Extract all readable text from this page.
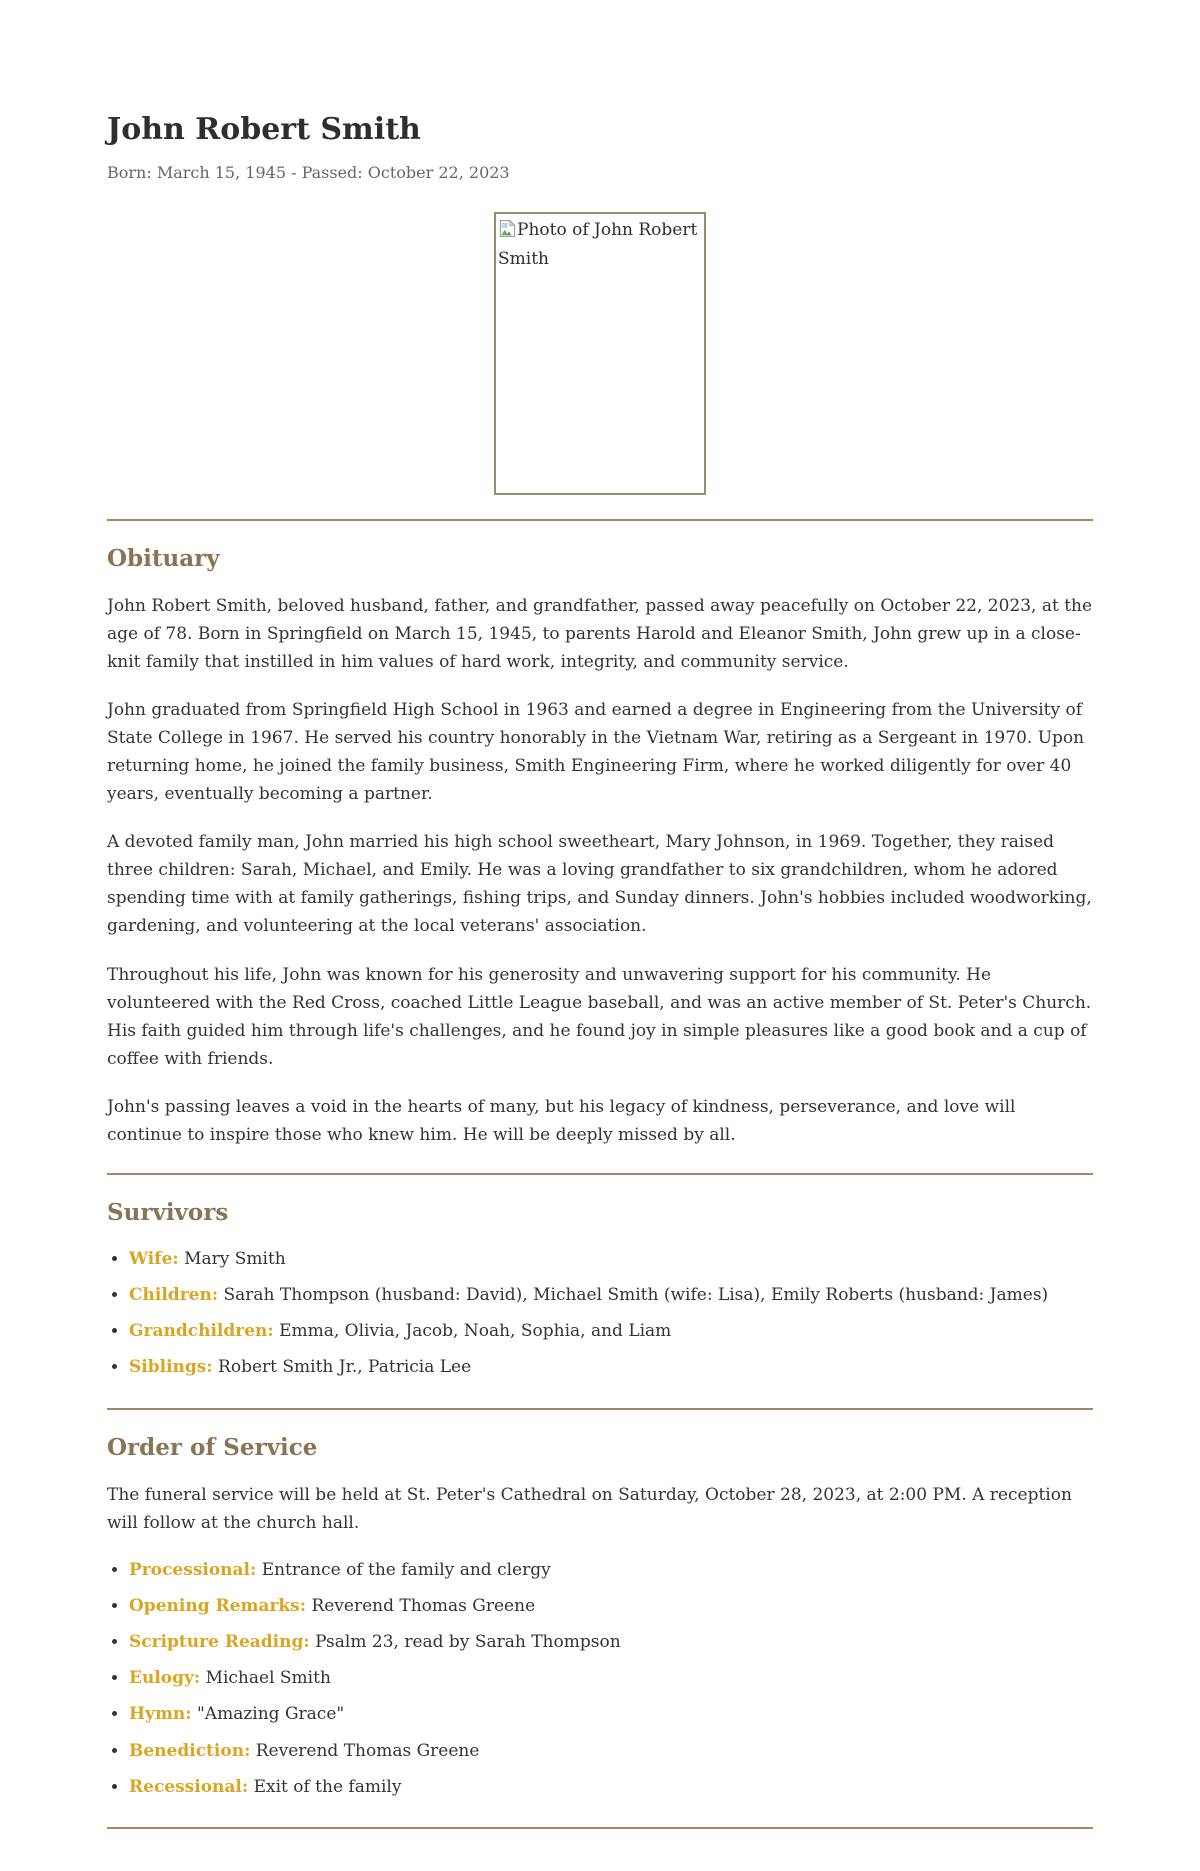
John Robert Smith

Born: March 15, 1945 - Passed: October 22, 2023

Photo of John Robert Smith
Obituary

John Robert Smith, beloved husband, father, and grandfather, passed away peacefully on October 22, 2023, at the age of 78. Born in Springfield on March 15, 1945, to parents Harold and Eleanor Smith, John grew up in a close-knit family that instilled in him values of hard work, integrity, and community service.

John graduated from Springfield High School in 1963 and earned a degree in Engineering from the University of State College in 1967. He served his country honorably in the Vietnam War, retiring as a Sergeant in 1970. Upon returning home, he joined the family business, Smith Engineering Firm, where he worked diligently for over 40 years, eventually becoming a partner.

A devoted family man, John married his high school sweetheart, Mary Johnson, in 1969. Together, they raised three children: Sarah, Michael, and Emily. He was a loving grandfather to six grandchildren, whom he adored spending time with at family gatherings, fishing trips, and Sunday dinners. John's hobbies included woodworking, gardening, and volunteering at the local veterans' association.

Throughout his life, John was known for his generosity and unwavering support for his community. He volunteered with the Red Cross, coached Little League baseball, and was an active member of St. Peter's Church. His faith guided him through life's challenges, and he found joy in simple pleasures like a good book and a cup of coffee with friends.

John's passing leaves a void in the hearts of many, but his legacy of kindness, perseverance, and love will continue to inspire those who knew him. He will be deeply missed by all.

Survivors
• Wife: Mary Smith
• Children: Sarah Thompson (husband: David), Michael Smith (wife: Lisa), Emily Roberts (husband: James)
• Grandchildren: Emma, Olivia, Jacob, Noah, Sophia, and Liam
• Siblings: Robert Smith Jr., Patricia Lee
Order of Service

The funeral service will be held at St. Peter's Cathedral on Saturday, October 28, 2023, at 2:00 PM. A reception will follow at the church hall.

• Processional: Entrance of the family and clergy
• Opening Remarks: Reverend Thomas Greene
• Scripture Reading: Psalm 23, read by Sarah Thompson
• Eulogy: Michael Smith
• Hymn: "Amazing Grace"
• Benediction: Reverend Thomas Greene
• Recessional: Exit of the family
